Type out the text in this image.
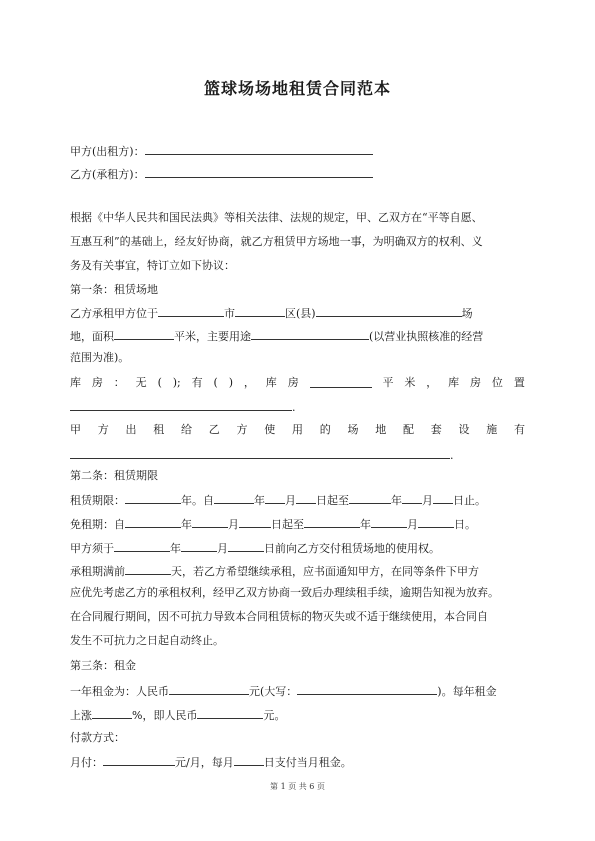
篮球场场地租赁合同范本
甲方(出租方)：
乙方(承租方)：
根据《中华人民共和国民法典》等相关法律、法规的规定，甲、乙双方在“平等自愿、
互惠互利”的基础上，经友好协商，就乙方租赁甲方场地一事，为明确双方的权利、义
务及有关事宜，特订立如下协议：
第一条：租赁场地
乙方承租甲方位于	市	区(县)	场
地，面积	平米，主要用途	(以营业执照核准的经营
范围为准)。
库 房 ： 无 ( ); 有 ( ) ， 库 房	平 米 ， 库 房 位 置
.
甲 方 出 租 给 乙 方 使 用 的 场 地 配 套 设 施 有
.
第二条：租赁期限
租赁期限：	年。自	年 月 日起至	年 月 日止。
免租期：自	年	月	日起至	年	月	日。
甲方须于	年	月	日前向乙方交付租赁场地的使用权。
承租期满前	天，若乙方希望继续承租，应书面通知甲方，在同等条件下甲方
应优先考虑乙方的承租权利，经甲乙双方协商一致后办理续租手续，逾期告知视为放弃。
在合同履行期间，因不可抗力导致本合同租赁标的物灭失或不适于继续使用，本合同自
发生不可抗力之日起自动终止。
第三条：租金
一年租金为：人民币	元(大写：	)。每年租金
上涨	%，即人民币	元。
付款方式：
月付：	元/月，每月	日支付当月租金。
第 1 页 共 6 页
